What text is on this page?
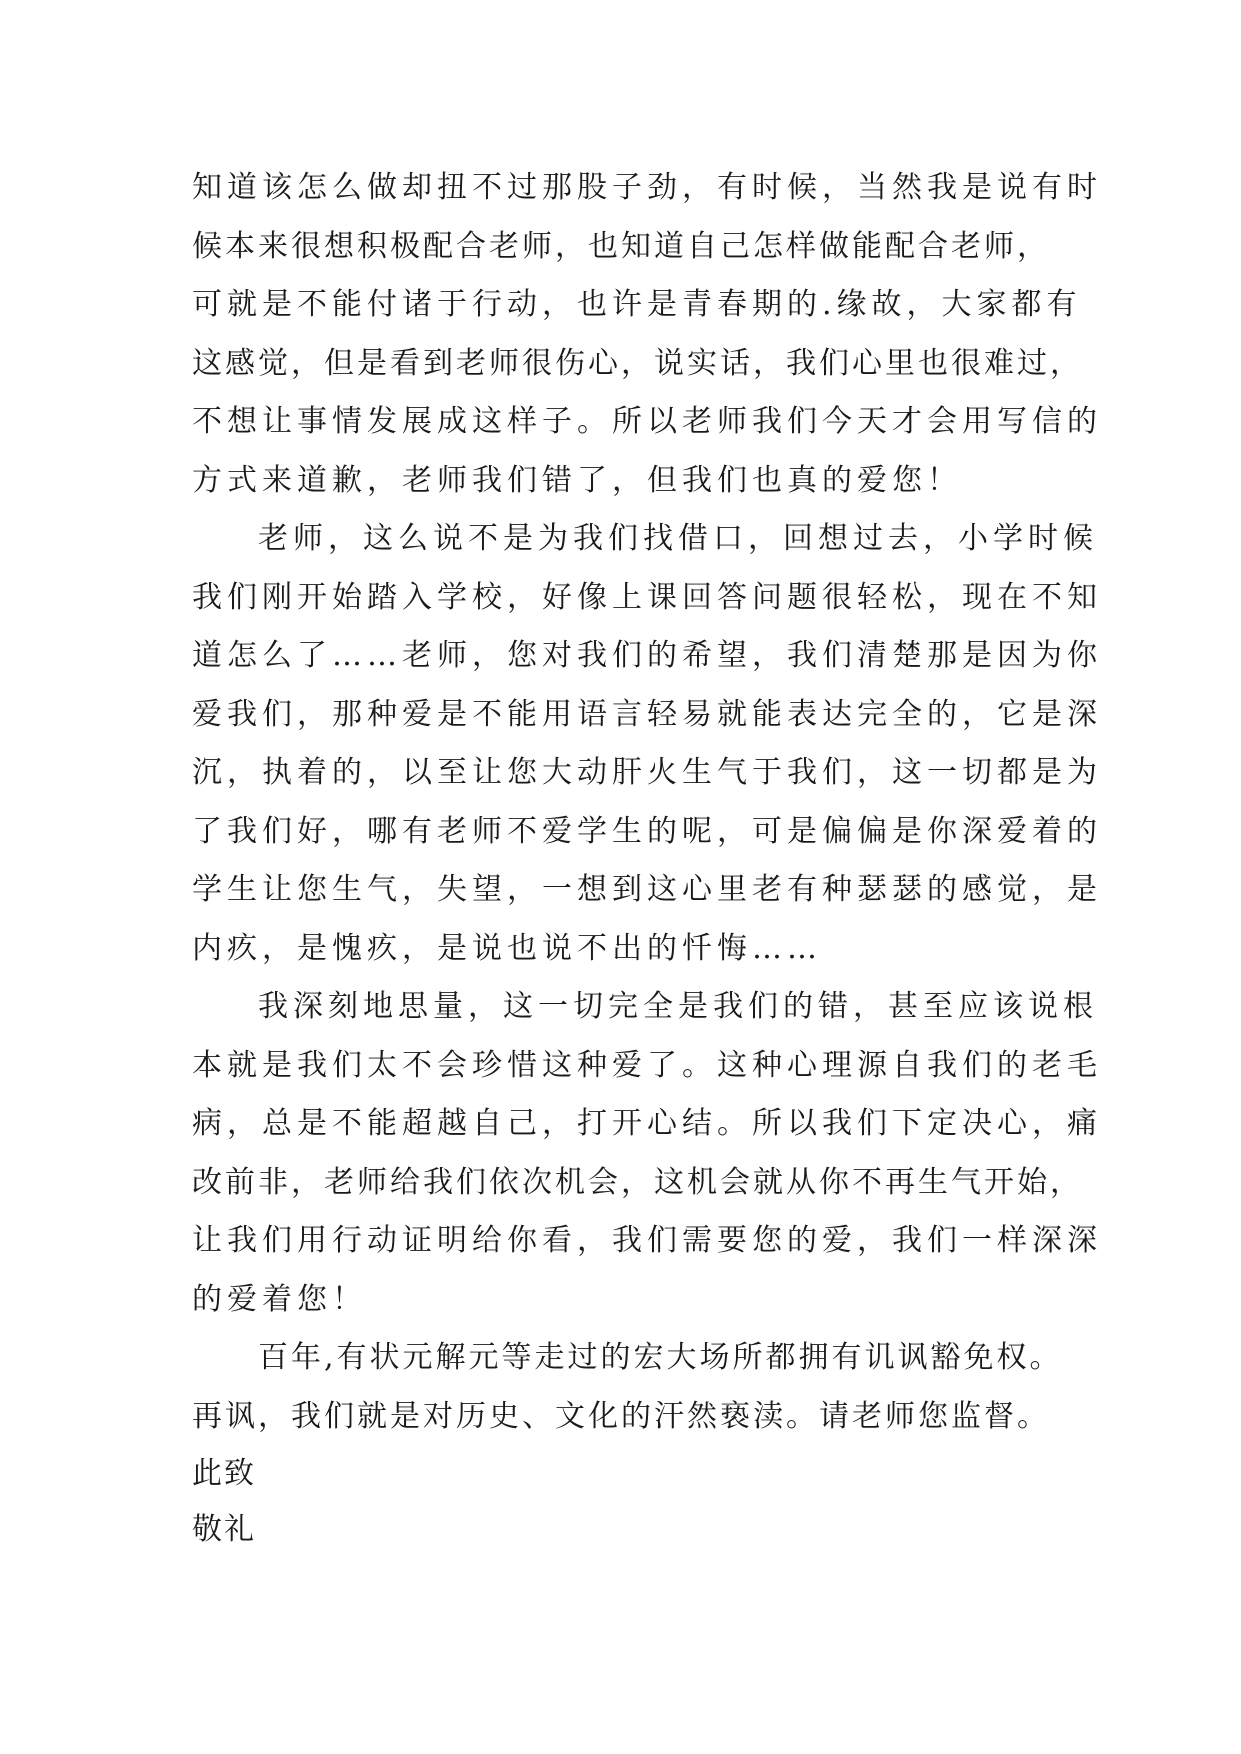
知道该怎么做却扭不过那股子劲，有时候，当然我是说有时
候本来很想积极配合老师，也知道自己怎样做能配合老师，
可就是不能付诸于行动，也许是青春期的.缘故，大家都有
这感觉，但是看到老师很伤心，说实话，我们心里也很难过，
不想让事情发展成这样子。所以老师我们今天才会用写信的
方式来道歉，老师我们错了，但我们也真的爱您！
老师，这么说不是为我们找借口，回想过去，小学时候
我们刚开始踏入学校，好像上课回答问题很轻松，现在不知
道怎么了……老师，您对我们的希望，我们清楚那是因为你
爱我们，那种爱是不能用语言轻易就能表达完全的，它是深
沉，执着的，以至让您大动肝火生气于我们，这一切都是为
了我们好，哪有老师不爱学生的呢，可是偏偏是你深爱着的
学生让您生气，失望，一想到这心里老有种瑟瑟的感觉，是
内疚，是愧疚，是说也说不出的忏悔……
我深刻地思量，这一切完全是我们的错，甚至应该说根
本就是我们太不会珍惜这种爱了。这种心理源自我们的老毛
病，总是不能超越自己，打开心结。所以我们下定决心，痛
改前非，老师给我们依次机会，这机会就从你不再生气开始，
让我们用行动证明给你看，我们需要您的爱，我们一样深深
的爱着您！
百年,有状元解元等走过的宏大场所都拥有讥讽豁免权。
再讽，我们就是对历史、文化的汗然亵渎。请老师您监督。
此致
敬礼
